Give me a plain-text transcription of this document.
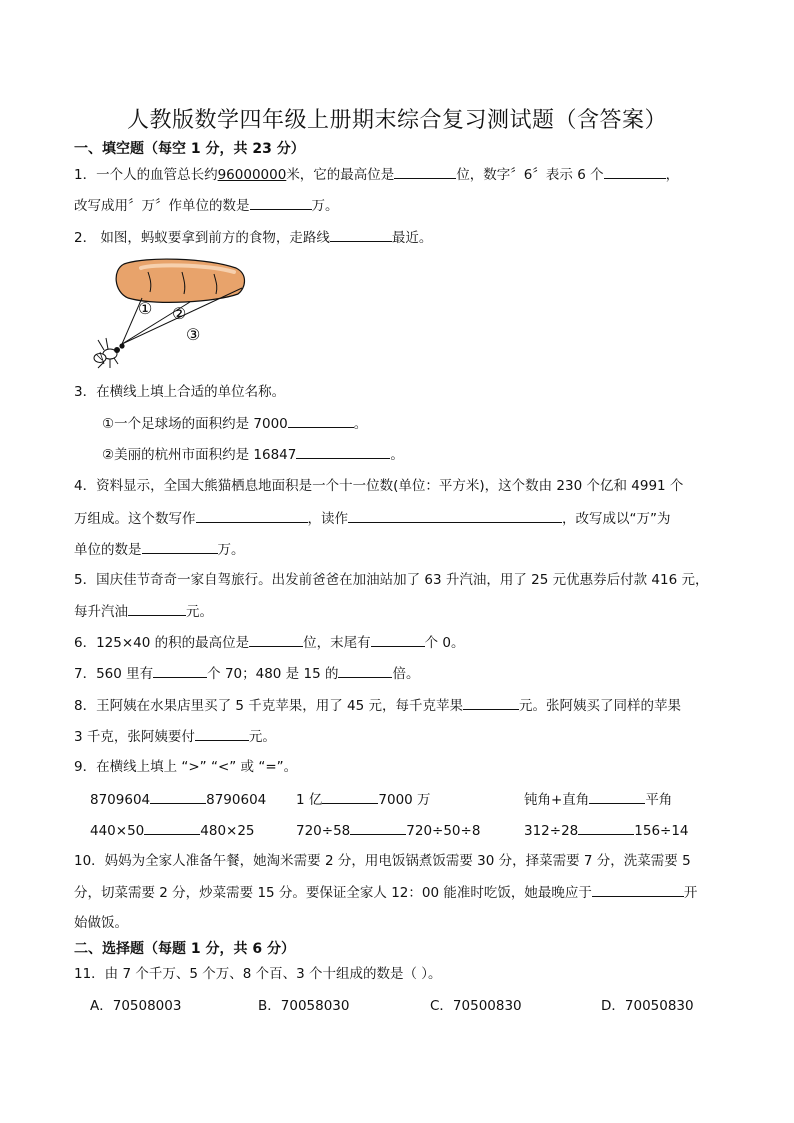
人教版数学四年级上册期末综合复习测试题（含答案）
一、填空题（每空 1 分，共 23 分）
1．一个人的血管总长约96000000米，它的最高位是	位，数字〞6〞表示 6 个	，
改写成用〞万〞作单位的数是	万。
2． 如图，蚂蚁要拿到前方的食物，走路线	最近。
① ②
③
3．在横线上填上合适的单位名称。
①一个足球场的面积约是 7000	。
②美丽的杭州市面积约是 16847	。
4．资料显示，全国大熊猫栖息地面积是一个十一位数(单位：平方米)，这个数由 230 个亿和 4991 个
万组成。这个数写作	，读作	，改写成以“万”为
单位的数是	万。
5．国庆佳节奇奇一家自驾旅行。出发前爸爸在加油站加了 63 升汽油，用了 25 元优惠券后付款 416 元，
每升汽油	元。
6．125×40 的积的最高位是	位，末尾有	个 0。
7．560 里有	个 70；480 是 15 的	倍。
8．王阿姨在水果店里买了 5 千克苹果，用了 45 元，每千克苹果	元。张阿姨买了同样的苹果
3 千克，张阿姨要付	元。
9．在横线上填上 “>” “<” 或 “=”。
8709604	8790604 1 亿	7000 万	钝角+直角	平角
440×50	480×25	720÷58	720÷50÷8	312÷28	156÷14
10．妈妈为全家人准备午餐，她淘米需要 2 分，用电饭锅煮饭需要 30 分，择菜需要 7 分，洗菜需要 5
分，切菜需要 2 分，炒菜需要 15 分。要保证全家人 12：00 能准时吃饭，她最晚应于	开
始做饭。
二、选择题（每题 1 分，共 6 分）
11．由 7 个千万、5 个万、8 个百、3 个十组成的数是（ ）。
A．70508003	B．70058030	C．70500830	D．70050830
